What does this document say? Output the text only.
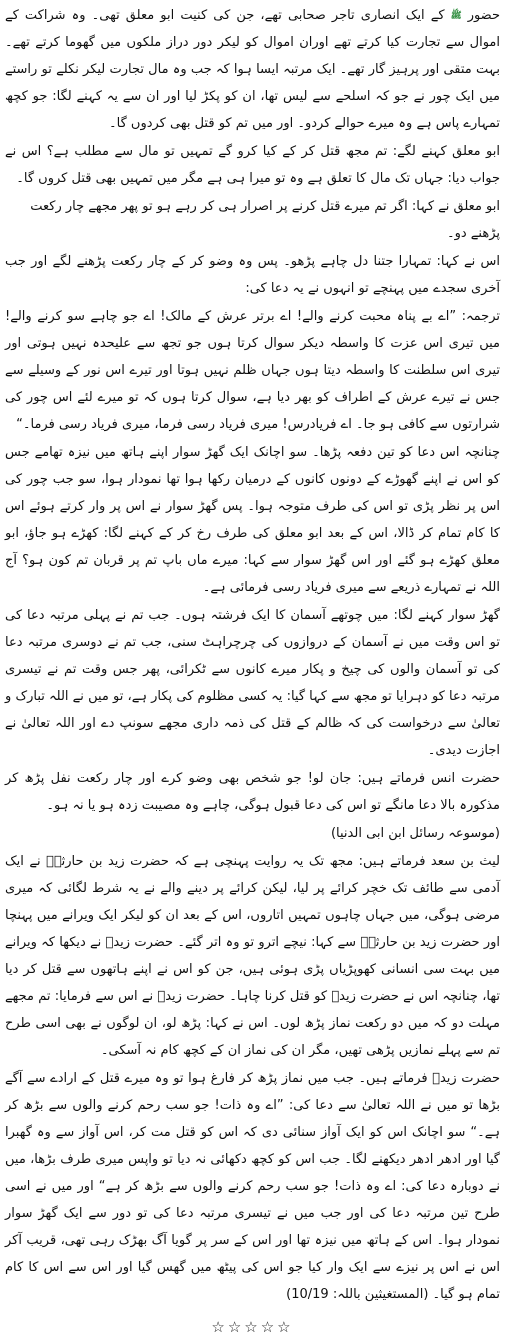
حضور ﷺ کے ایک انصاری تاجر صحابی تھے، جن کی کنیت ابو معلق تھی۔ وہ شراکت کے اموال سے تجارت کیا کرتے تھے اوران اموال کو لیکر دور دراز ملکوں میں گھوما کرتے تھے۔ بہت متقی اور پرہیز گار تھے۔ ایک مرتبہ ایسا ہوا کہ جب وہ مال تجارت لیکر نکلے تو راستے میں ایک چور نے جو کہ اسلحے سے لیس تھا، ان کو پکڑ لیا اور ان سے یہ کہنے لگا: جو کچھ تمہارے پاس ہے وہ میرے حوالے کردو۔ اور میں تم کو قتل بھی کردوں گا۔

ابو معلق کہنے لگے: تم مجھ قتل کر کے کیا کرو گے تمہیں تو مال سے مطلب ہے؟ اس نے جواب دیا: جہاں تک مال کا تعلق ہے وہ تو میرا ہی ہے مگر میں تمہیں بھی قتل کروں گا۔

ابو معلق نے کہا: اگر تم میرے قتل کرنے پر اصرار ہی کر رہے ہو تو پھر مجھے چار رکعت پڑھنے دو۔

اس نے کہا: تمہارا جتنا دل چاہے پڑھو۔ پس وہ وضو کر کے چار رکعت پڑھنے لگے اور جب آخری سجدے میں پہنچے تو انہوں نے یہ دعا کی:

ترجمہ: ”اے بے پناہ محبت کرنے والے! اے برتر عرش کے مالک! اے جو چاہے سو کرنے والے! میں تیری اس عزت کا واسطہ دیکر سوال کرتا ہوں جو تجھ سے علیحدہ نہیں ہوتی اور تیری اس سلطنت کا واسطہ دیتا ہوں جہاں ظلم نہیں ہوتا اور تیرے اس نور کے وسیلے سے جس نے تیرے عرش کے اطراف کو بھر دیا ہے، سوال کرتا ہوں کہ تو میرے لئے اس چور کی شرارتوں سے کافی ہو جا۔ اے فریادرس! میری فریاد رسی فرما، میری فریاد رسی فرما۔“

چنانچہ اس دعا کو تین دفعہ پڑھا۔ سو اچانک ایک گھڑ سوار اپنے ہاتھ میں نیزہ تھامے جس کو اس نے اپنے گھوڑے کے دونوں کانوں کے درمیان رکھا ہوا تھا نمودار ہوا، سو جب چور کی اس پر نظر پڑی تو اس کی طرف متوجہ ہوا۔ پس گھڑ سوار نے اس پر وار کرتے ہوئے اس کا کام تمام کر ڈالا، اس کے بعد ابو معلق کی طرف رخ کر کے کہنے لگا: کھڑے ہو جاؤ، ابو معلق کھڑے ہو گئے اور اس گھڑ سوار سے کہا: میرے ماں باپ تم پر قربان تم کون ہو؟ آج اللہ نے تمہارے ذریعے سے میری فریاد رسی فرمائی ہے۔

گھڑ سوار کہنے لگا: میں چوتھے آسمان کا ایک فرشتہ ہوں۔ جب تم نے پہلی مرتبہ دعا کی تو اس وقت میں نے آسمان کے دروازوں کی چرچراہٹ سنی، جب تم نے دوسری مرتبہ دعا کی تو آسمان والوں کی چیخ و پکار میرے کانوں سے ٹکرائی، پھر جس وقت تم نے تیسری مرتبہ دعا کو دہرایا تو مجھ سے کہا گیا: یہ کسی مظلوم کی پکار ہے، تو میں نے اللہ تبارک و تعالیٰ سے درخواست کی کہ ظالم کے قتل کی ذمہ داری مجھے سونپ دے اور اللہ تعالیٰ نے اجازت دیدی۔

حضرت انس فرماتے ہیں: جان لو! جو شخص بھی وضو کرے اور چار رکعت نفل پڑھ کر مذکورہ بالا دعا مانگے تو اس کی دعا قبول ہوگی، چاہے وہ مصیبت زدہ ہو یا نہ ہو۔

(موسوعہ رسائل ابن ابی الدنیا)

لیث بن سعد فرماتے ہیں: مجھ تک یہ روایت پہنچی ہے کہ حضرت زید بن حارثہؓ نے ایک آدمی سے طائف تک خچر کرائے پر لیا، لیکن کرائے پر دینے والے نے یہ شرط لگائی کہ میری مرضی ہوگی، میں جہاں چاہوں تمہیں اتاروں، اس کے بعد ان کو لیکر ایک ویرانے میں پہنچا اور حضرت زید بن حارثہؓ سے کہا: نیچے اترو تو وہ اتر گئے۔ حضرت زیدؓ نے دیکھا کہ ویرانے میں بہت سی انسانی کھوپڑیاں پڑی ہوئی ہیں، جن کو اس نے اپنے ہاتھوں سے قتل کر دیا تھا، چنانچہ اس نے حضرت زیدؓ کو قتل کرنا چاہا۔ حضرت زیدؓ نے اس سے فرمایا: تم مجھے مہلت دو کہ میں دو رکعت نماز پڑھ لوں۔ اس نے کہا: پڑھ لو، ان لوگوں نے بھی اسی طرح تم سے پہلے نمازیں پڑھی تھیں، مگر ان کی نماز ان کے کچھ کام نہ آسکی۔

حضرت زیدؓ فرماتے ہیں۔ جب میں نماز پڑھ کر فارغ ہوا تو وہ میرے قتل کے ارادے سے آگے بڑھا تو میں نے اللہ تعالیٰ سے دعا کی: ”اے وہ ذات! جو سب رحم کرنے والوں سے بڑھ کر ہے۔“ سو اچانک اس کو ایک آواز سنائی دی کہ اس کو قتل مت کر، اس آواز سے وہ گھبرا گیا اور ادھر ادھر دیکھنے لگا۔ جب اس کو کچھ دکھائی نہ دیا تو واپس میری طرف بڑھا، میں نے دوبارہ دعا کی: اے وہ ذات! جو سب رحم کرنے والوں سے بڑھ کر ہے“ اور میں نے اسی طرح تین مرتبہ دعا کی اور جب میں نے تیسری مرتبہ دعا کی تو دور سے ایک گھڑ سوار نمودار ہوا۔ اس کے ہاتھ میں نیزہ تھا اور اس کے سر پر گویا آگ بھڑک رہی تھی، قریب آکر اس نے اس پر نیزے سے ایک وار کیا جو اس کی پیٹھ میں گھس گیا اور اس سے اس کا کام تمام ہو گیا۔ (المستغیثین باللہ: 10/19)

☆☆☆☆☆
